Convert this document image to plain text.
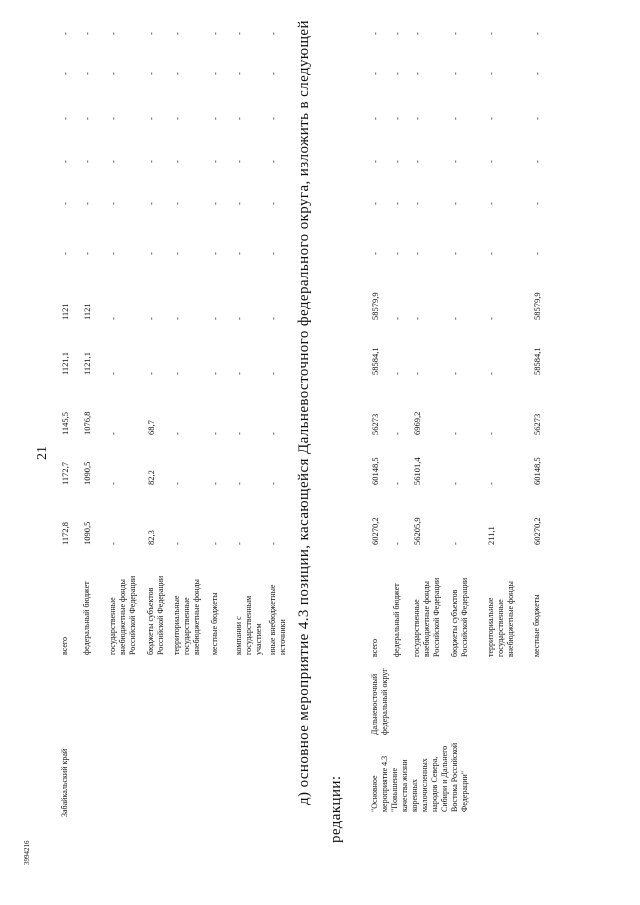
Забайкальский край
всего
1172,8
1172,7
1145,5
1121,1
1121
-
-
-
-
-
-
федеральный бюджет
1090,5
1090,5
1076,8
1121,1
1121
-
-
-
-
-
-
государственные
внебюджетные фонды
Российской Федерации
-
-
-
-
-
-
-
-
-
-
-
бюджеты субъектов
Российской Федерации
82,3
82,2
68,7
-
-
-
-
-
-
-
-
территориальные
государственные
внебюджетные фонды
-
-
-
-
-
-
-
-
-
-
-
местные бюджеты
-
-
-
-
-
-
-
-
-
-
-
компании с
государственным
участием
-
-
-
-
-
-
-
-
-
-
-
иные внебюджетные
источники
-
-
-
-
-
-
-
-
-
-
-
21	д) основное мероприятие 4.3 позиции, касающейся Дальневосточного федерального округа, изложить в следующей
редакции:	"Основное
мероприятие 4.3
"Повышение
качества жизни
коренных
малочисленных
народов Севера,
Сибири и Дальнего
Востока Российской
Федерации"
Дальневосточный
федеральный округ
всего
60270,2
60148,5
56273
58584,1
58579,9
-
-
-
-
-
-
федеральный бюджет
-
-
-
-
-
-
-
-
-
-
-
государственные
внебюджетные фонды
Российской Федерации
56205,9
56101,4
6969,2
-
-
-
-
-
-
-
-
бюджеты субъектов
Российской Федерации
-
-
-
-
-
-
-
-
-
-
-
территориальные
государственные
внебюджетные фонды
211,1
-
-
-
-
-
-
-
-
-
-
местные бюджеты
60270,2
60148,5
56273
58584,1
58579,9
-
-
-
-
-
-
3994216
